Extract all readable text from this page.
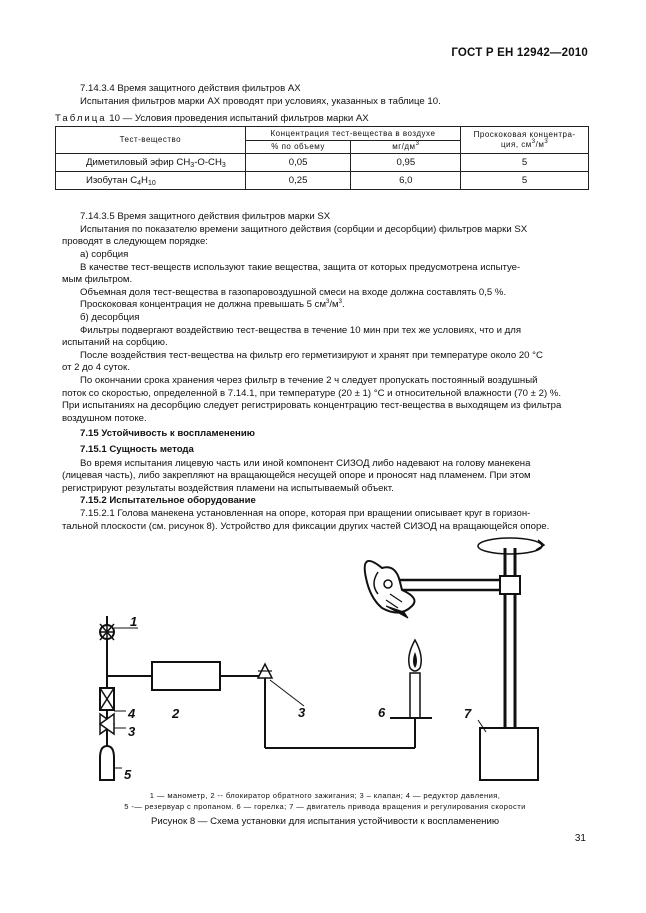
ГОСТ Р ЕН 12942—2010
7.14.3.4 Время защитного действия фильтров АХ
Испытания фильтров марки АХ проводят при условиях, указанных в таблице 10.
Таблица 10 — Условия проведения испытаний фильтров марки АХ
Тест-вещество	Концентрация тест-вещества в воздухе		Проскоковая концентра-
ция, $см^3/м^3$
	% по объему	$мг/дм^3$
Диметиловый эфир $СН_3-О-СН_3$	0,05	0,95	5
Изобутан $С_4Н_{10}$	0,25	6,0	5
7.14.3.5 Время защитного действия фильтров марки SX
Испытания по показателю времени защитного действия (сорбции и десорбции) фильтров марки SX
проводят в следующем порядке:
а) сорбция
В качестве тест-веществ используют такие вещества, защита от которых предусмотрена испытуе-
мым фильтром.
Объемная доля тест-вещества в газопаровоздушной смеси на входе должна составлять 0,5 %.
Проскоковая концентрация не должна превышать 5 $см^3/м^3$.
б) десорбция
Фильтры подвергают воздействию тест-вещества в течение 10 мин при тех же условиях, что и для
испытаний на сорбцию.
После воздействия тест-вещества на фильтр его герметизируют и хранят при температуре около 20 °С
от 2 до 4 суток.
По окончании срока хранения через фильтр в течение 2 ч следует пропускать постоянный воздушный
поток со скоростью, определенной в 7.14.1, при температуре (20 ± 1) °С и относительной влажности (70 ± 2) %.
При испытаниях на десорбцию следует регистрировать концентрацию тест-вещества в выходящем из фильтра
воздушном потоке.
7.15 Устойчивость к воспламенению
7.15.1 Сущность метода
Во время испытания лицевую часть или иной компонент СИЗОД либо надевают на голову манекена
(лицевая часть), либо закрепляют на вращающейся несущей опоре и проносят над пламенем. При этом
регистрируют результаты воздействия пламени на испытываемый объект.
7.15.2 Испытательное оборудование
7.15.2.1 Голова манекена установленная на опоре, которая при вращении описывает круг в горизон-
тальной плоскости (см. рисунок 8). Устройство для фиксации других частей СИЗОД на вращающейся опоре.
1
2	3
4
3
5
6	7
1 — манометр, 2 -- блокиратор обратного зажигания; 3 – клапан; 4 — редуктор давления,
5 -— резервуар с пропаном. 6 — горелка; 7 — двигатель привода вращения и регулирования скорости
Рисунок 8 — Схема установки для испытания устойчивости к воспламенению
31
